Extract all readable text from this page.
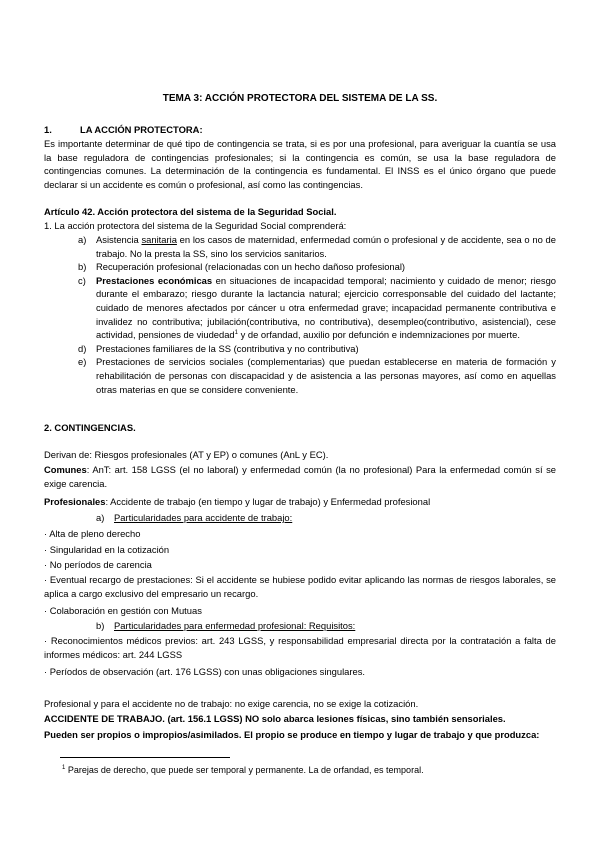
TEMA 3: ACCIÓN PROTECTORA DEL SISTEMA DE LA SS.
1.	LA ACCIÓN PROTECTORA:
Es importante determinar de qué tipo de contingencia se trata, si es por una profesional, para averiguar la cuantía se usa la base reguladora de contingencias profesionales; si la contingencia es común, se usa la base reguladora de contingencias comunes. La determinación de la contingencia es fundamental. El INSS es el único órgano que puede declarar si un accidente es común o profesional, así como las contingencias.
Artículo 42. Acción protectora del sistema de la Seguridad Social.
1. La acción protectora del sistema de la Seguridad Social comprenderá:
a) Asistencia sanitaria en los casos de maternidad, enfermedad común o profesional y de accidente, sea o no de trabajo. No la presta la SS, sino los servicios sanitarios.
b) Recuperación profesional (relacionadas con un hecho dañoso profesional)
c) Prestaciones económicas en situaciones de incapacidad temporal; nacimiento y cuidado de menor; riesgo durante el embarazo; riesgo durante la lactancia natural; ejercicio corresponsable del cuidado del lactante; cuidado de menores afectados por cáncer u otra enfermedad grave; incapacidad permanente contributiva e invalidez no contributiva; jubilación(contributiva, no contributiva), desempleo(contributivo, asistencial), cese actividad, pensiones de viudedad$^1$ y de orfandad, auxilio por defunción e indemnizaciones por muerte.
d) Prestaciones familiares de la SS (contributiva y no contributiva)
e) Prestaciones de servicios sociales (complementarias) que puedan establecerse en materia de formación y rehabilitación de personas con discapacidad y de asistencia a las personas mayores, así como en aquellas otras materias en que se considere conveniente.
2. CONTINGENCIAS.
Derivan de: Riesgos profesionales (AT y EP) o comunes (AnL y EC).
Comunes: AnT: art. 158 LGSS (el no laboral) y enfermedad común (la no profesional) Para la enfermedad común sí se exige carencia.
Profesionales: Accidente de trabajo (en tiempo y lugar de trabajo) y Enfermedad profesional
a) Particularidades para accidente de trabajo:
· Alta de pleno derecho
· Singularidad en la cotización
· No períodos de carencia
· Eventual recargo de prestaciones: Si el accidente se hubiese podido evitar aplicando las normas de riesgos laborales, se aplica a cargo exclusivo del empresario un recargo.
· Colaboración en gestión con Mutuas
b) Particularidades para enfermedad profesional: Requisitos:
· Reconocimientos médicos previos: art. 243 LGSS, y responsabilidad empresarial directa por la contratación a falta de informes médicos: art. 244 LGSS
· Períodos de observación (art. 176 LGSS) con unas obligaciones singulares.
Profesional y para el accidente no de trabajo: no exige carencia, no se exige la cotización.
ACCIDENTE DE TRABAJO. (art. 156.1 LGSS) NO solo abarca lesiones físicas, sino también sensoriales.
Pueden ser propios o impropios/asimilados. El propio se produce en tiempo y lugar de trabajo y que produzca:
$^1$ Parejas de derecho, que puede ser temporal y permanente. La de orfandad, es temporal.
